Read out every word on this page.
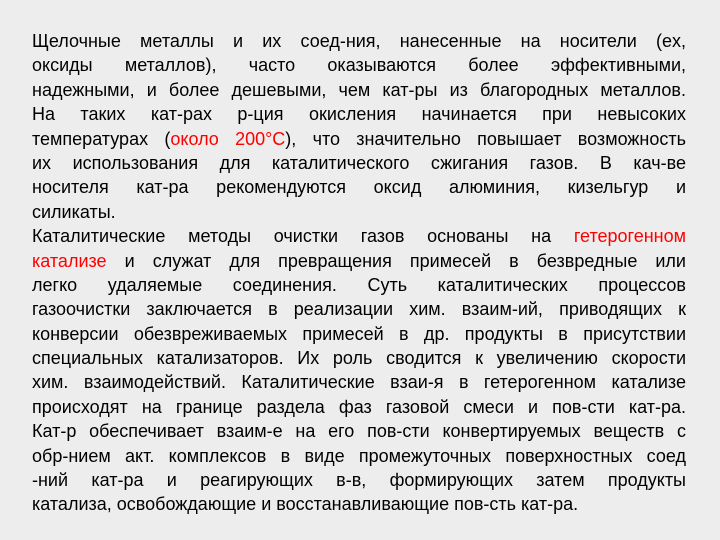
Щелочные металлы и их соед-ния, нанесенные на носители (ex,
оксиды металлов), часто оказываются более эффективными,
надежными, и более дешевыми, чем кат-ры из благородных металлов.
На таких кат-рах р-ция окисления начинается при невысоких
температурах (около 200°С), что значительно повышает возможность
их использования для каталитического сжигания газов. В кач-ве
носителя кат-ра рекомендуются оксид алюминия, кизельгур и
силикаты.
Каталитические методы очистки газов основаны на гетерогенном
катализе и служат для превращения примесей в безвредные или
легко удаляемые соединения. Суть каталитических процессов
газоочистки заключается в реализации хим. взаим-ий, приводящих к
конверсии обезвреживаемых примесей в др. продукты в присутствии
специальных катализаторов. Их роль сводится к увеличению скорости
хим. взаимодействий. Каталитические взаи-я в гетерогенном катализе
происходят на границе раздела фаз газовой смеси и пов-сти кат-ра.
Кат-р обеспечивает взаим-е на его пов-сти конвертируемых веществ с
обр-нием акт. комплексов в виде промежуточных поверхностных соед
-ний кат-ра и реагирующих в-в, формирующих затем продукты
катализа, освобождающие и восстанавливающие пов-сть кат-ра.
